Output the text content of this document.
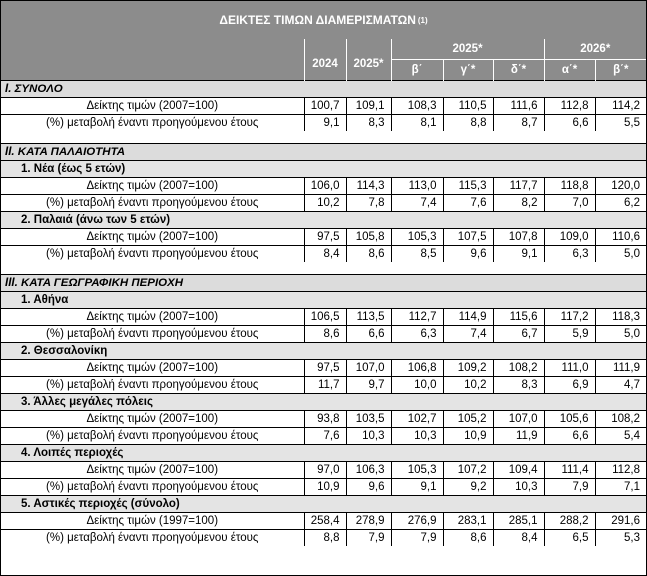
ΔΕΙΚΤΕΣ ΤΙΜΩΝ ΔΙΑΜΕΡΙΣΜΑΤΩΝ (1)
	2024	2025*	2025*			2026*	
			β΄	γ΄*	δ΄*	α΄*	β΄*
I. ΣΥΝΟΛΟ							
Δείκτης τιμών (2007=100)	100,7	109,1	108,3	110,5	111,6	112,8	114,2
(%) μεταβολή έναντι προηγούμενου έτους	9,1	8,3	8,1	8,8	8,7	6,6	5,5

II. ΚΑΤΑ ΠΑΛΑΙΟΤΗΤΑ							
1. Νέα (έως 5 ετών)							
Δείκτης τιμών (2007=100)	106,0	114,3	113,0	115,3	117,7	118,8	120,0
(%) μεταβολή έναντι προηγούμενου έτους	10,2	7,8	7,4	7,6	8,2	7,0	6,2
2. Παλαιά (άνω των 5 ετών)							
Δείκτης τιμών (2007=100)	97,5	105,8	105,3	107,5	107,8	109,0	110,6
(%) μεταβολή έναντι προηγούμενου έτους	8,4	8,6	8,5	9,6	9,1	6,3	5,0

III. ΚΑΤΑ ΓΕΩΓΡΑΦΙΚΗ ΠΕΡΙΟΧΗ							
1. Αθήνα							
Δείκτης τιμών (2007=100)	106,5	113,5	112,7	114,9	115,6	117,2	118,3
(%) μεταβολή έναντι προηγούμενου έτους	8,6	6,6	6,3	7,4	6,7	5,9	5,0
2. Θεσσαλονίκη							
Δείκτης τιμών (2007=100)	97,5	107,0	106,8	109,2	108,2	111,0	111,9
(%) μεταβολή έναντι προηγούμενου έτους	11,7	9,7	10,0	10,2	8,3	6,9	4,7
3. Άλλες μεγάλες πόλεις							
Δείκτης τιμών (2007=100)	93,8	103,5	102,7	105,2	107,0	105,6	108,2
(%) μεταβολή έναντι προηγούμενου έτους	7,6	10,3	10,3	10,9	11,9	6,6	5,4
4. Λοιπές περιοχές							
Δείκτης τιμών (2007=100)	97,0	106,3	105,3	107,2	109,4	111,4	112,8
(%) μεταβολή έναντι προηγούμενου έτους	10,9	9,6	9,1	9,2	10,3	7,9	7,1
5. Αστικές περιοχές (σύνολο)							
Δείκτης τιμών (1997=100)	258,4	278,9	276,9	283,1	285,1	288,2	291,6
(%) μεταβολή έναντι προηγούμενου έτους	8,8	7,9	7,9	8,6	8,4	6,5	5,3
